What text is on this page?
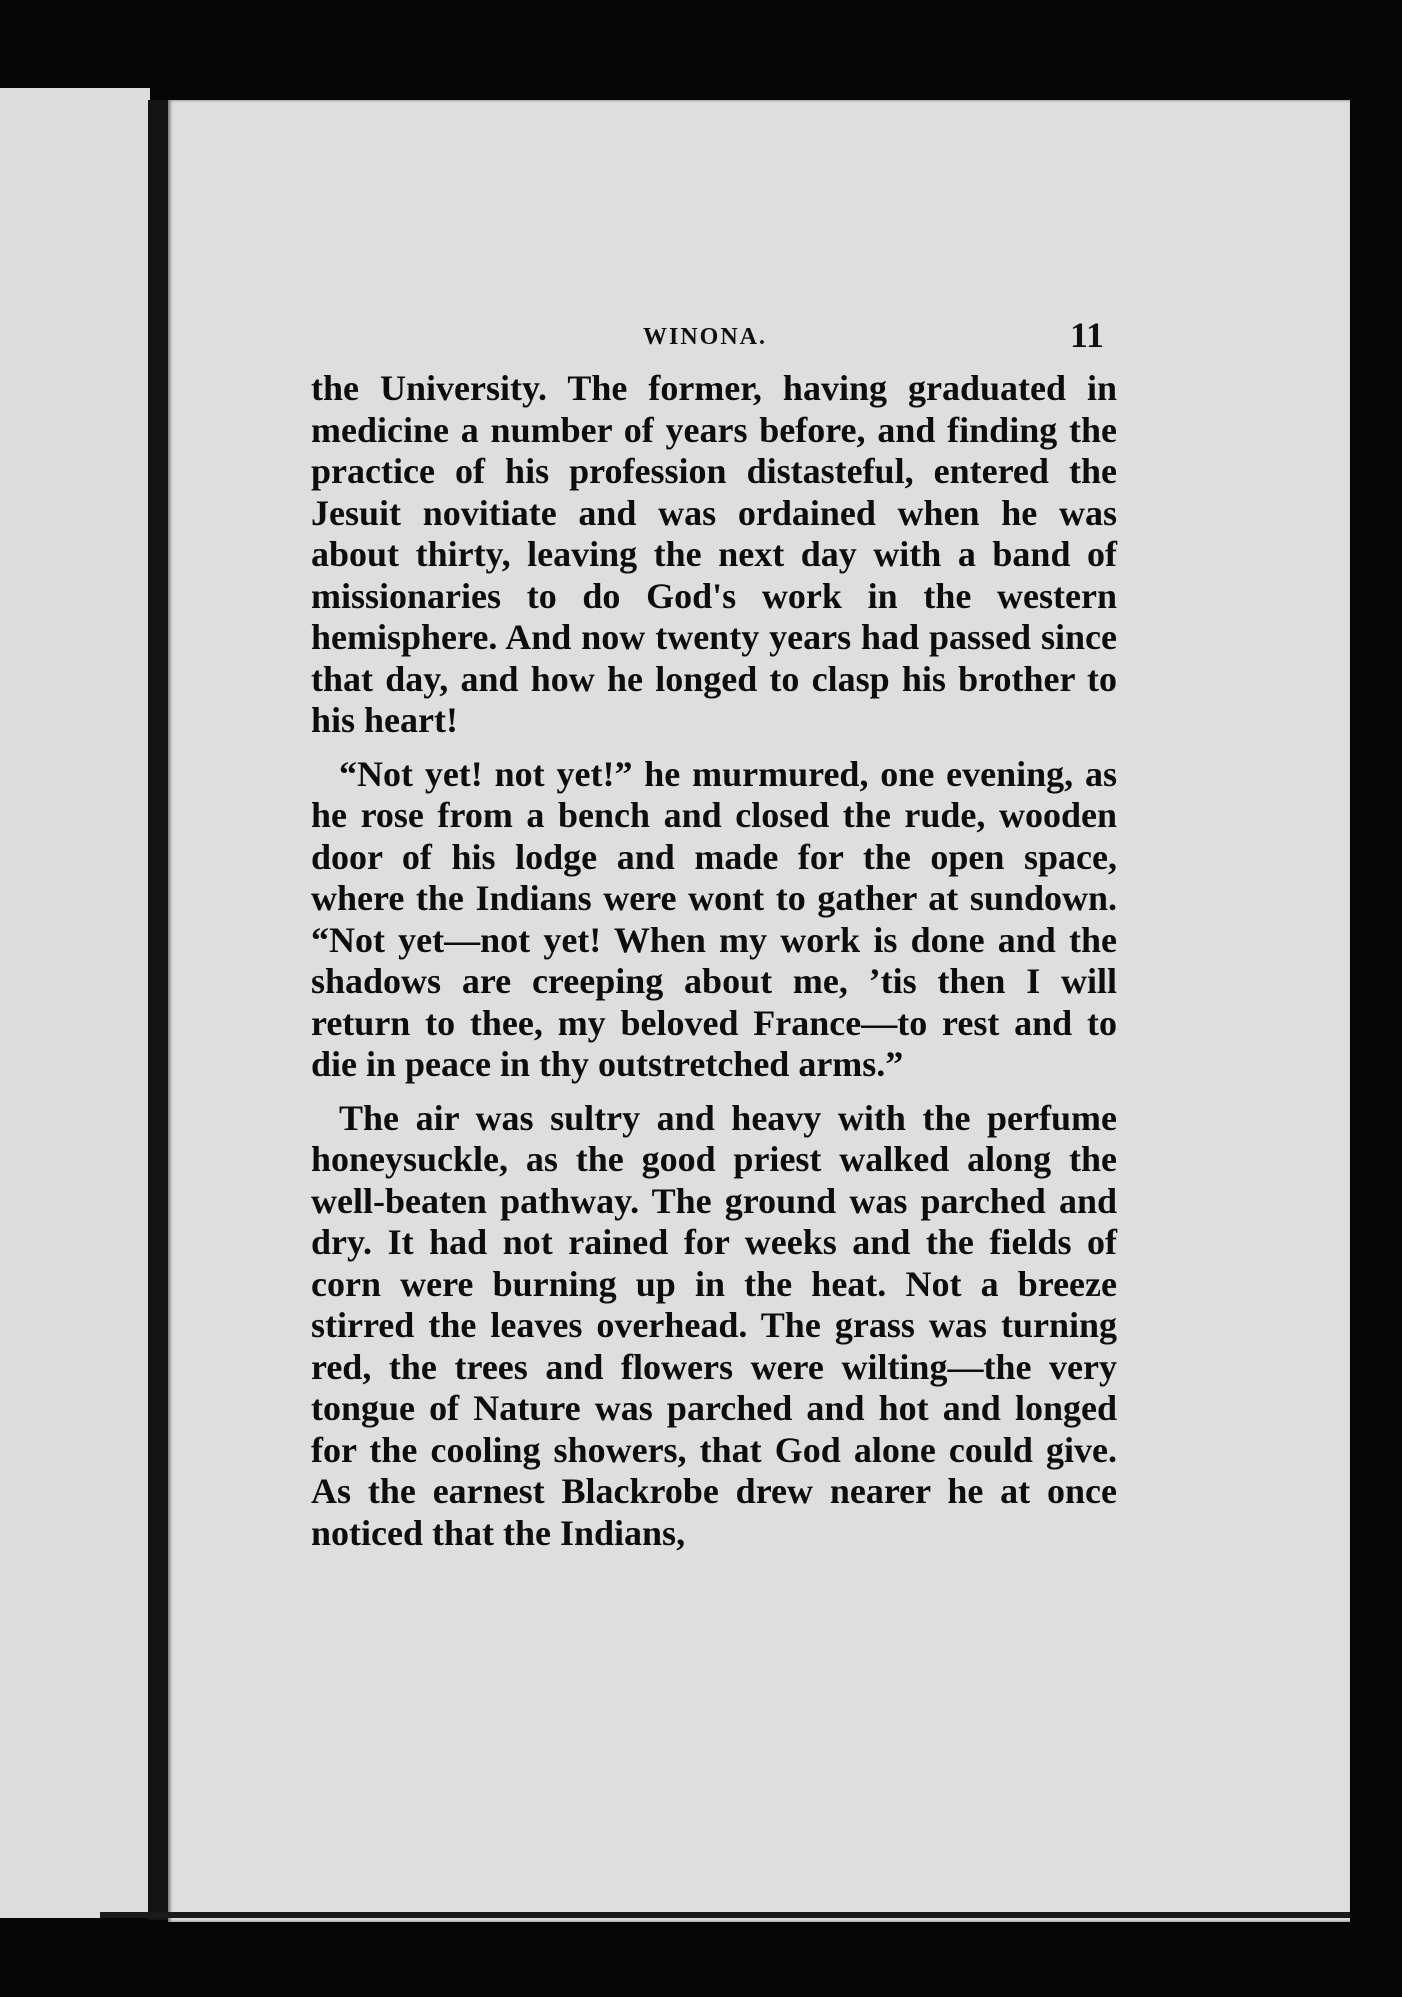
WINONA.	11

the University. The former, having graduated in medicine a number of years before, and finding the practice of his profession distasteful, entered the Jesuit novitiate and was ordained when he was about thirty, leaving the next day with a band of missionaries to do God's work in the western hemisphere. And now twenty years had passed since that day, and how he longed to clasp his brother to his heart!

“Not yet! not yet!” he murmured, one evening, as he rose from a bench and closed the rude, wooden door of his lodge and made for the open space, where the Indians were wont to gather at sundown. “Not yet—not yet! When my work is done and the shadows are creeping about me, ’tis then I will return to thee, my beloved France—to rest and to die in peace in thy outstretched arms.”

The air was sultry and heavy with the perfume honeysuckle, as the good priest walked along the well-beaten pathway. The ground was parched and dry. It had not rained for weeks and the fields of corn were burning up in the heat. Not a breeze stirred the leaves overhead. The grass was turning red, the trees and flowers were wilting—the very tongue of Nature was parched and hot and longed for the cooling showers, that God alone could give. As the earnest Blackrobe drew nearer he at once noticed that the Indians,
